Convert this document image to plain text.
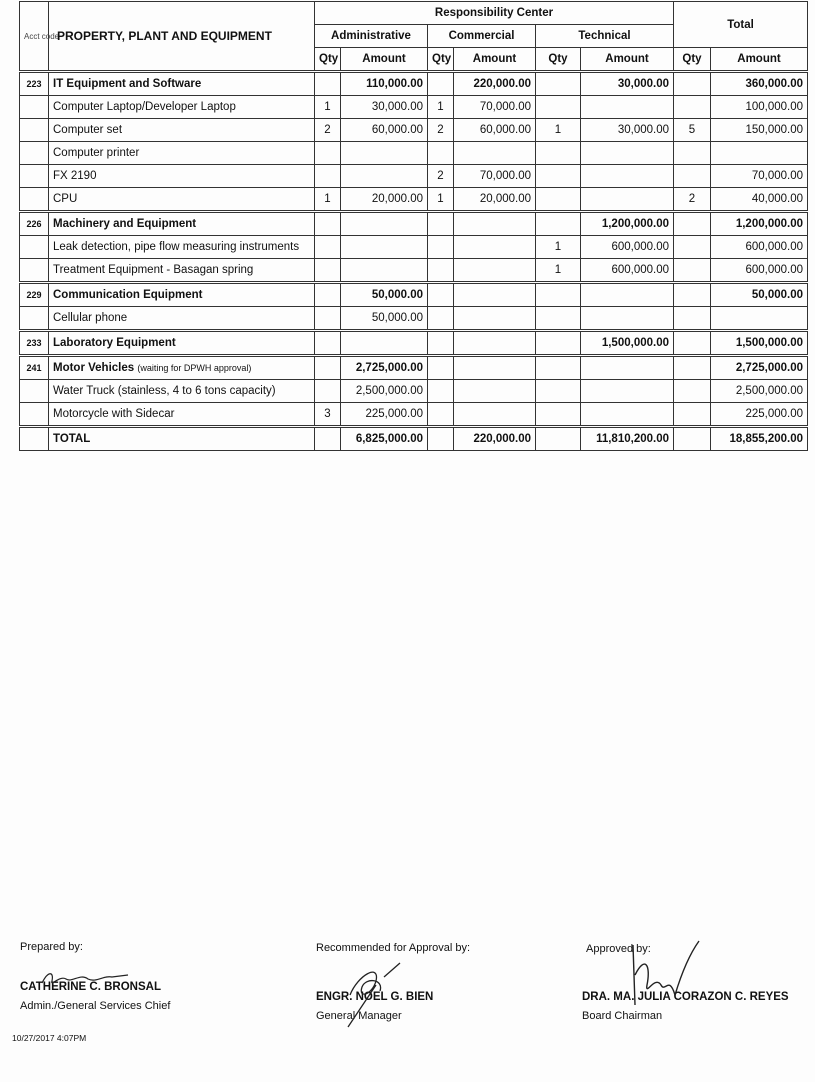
Acct code	PROPERTY, PLANT AND EQUIPMENT	Responsibility Center						Total	
		Administrative		Commercial		Technical			
		Qty	Amount	Qty	Amount	Qty	Amount	Qty	Amount
223	IT Equipment and Software		110,000.00		220,000.00		30,000.00		360,000.00
	Computer Laptop/Developer Laptop	1	30,000.00	1	70,000.00				100,000.00
	Computer set	2	60,000.00	2	60,000.00	1	30,000.00	5	150,000.00
	Computer printer								
	FX 2190			2	70,000.00				70,000.00
	CPU	1	20,000.00	1	20,000.00			2	40,000.00
226	Machinery and Equipment						1,200,000.00		1,200,000.00
	Leak detection, pipe flow measuring instruments					1	600,000.00		600,000.00
	Treatment Equipment - Basagan spring					1	600,000.00		600,000.00
229	Communication Equipment		50,000.00						50,000.00
	Cellular phone		50,000.00						
233	Laboratory Equipment						1,500,000.00		1,500,000.00
241	Motor Vehicles (waiting for DPWH approval)		2,725,000.00						2,725,000.00
	Water Truck (stainless, 4 to 6 tons capacity)		2,500,000.00						2,500,000.00
	Motorcycle with Sidecar	3	225,000.00						225,000.00
	TOTAL		6,825,000.00		220,000.00		11,810,200.00		18,855,200.00
Prepared by:
CATHERINE C. BRONSAL
Admin./General Services Chief
Recommended for Approval by:
ENGR. NOEL G. BIEN
General Manager
Approved by:
DRA. MA. JULIA CORAZON C. REYES
Board Chairman
10/27/2017 4:07PM
